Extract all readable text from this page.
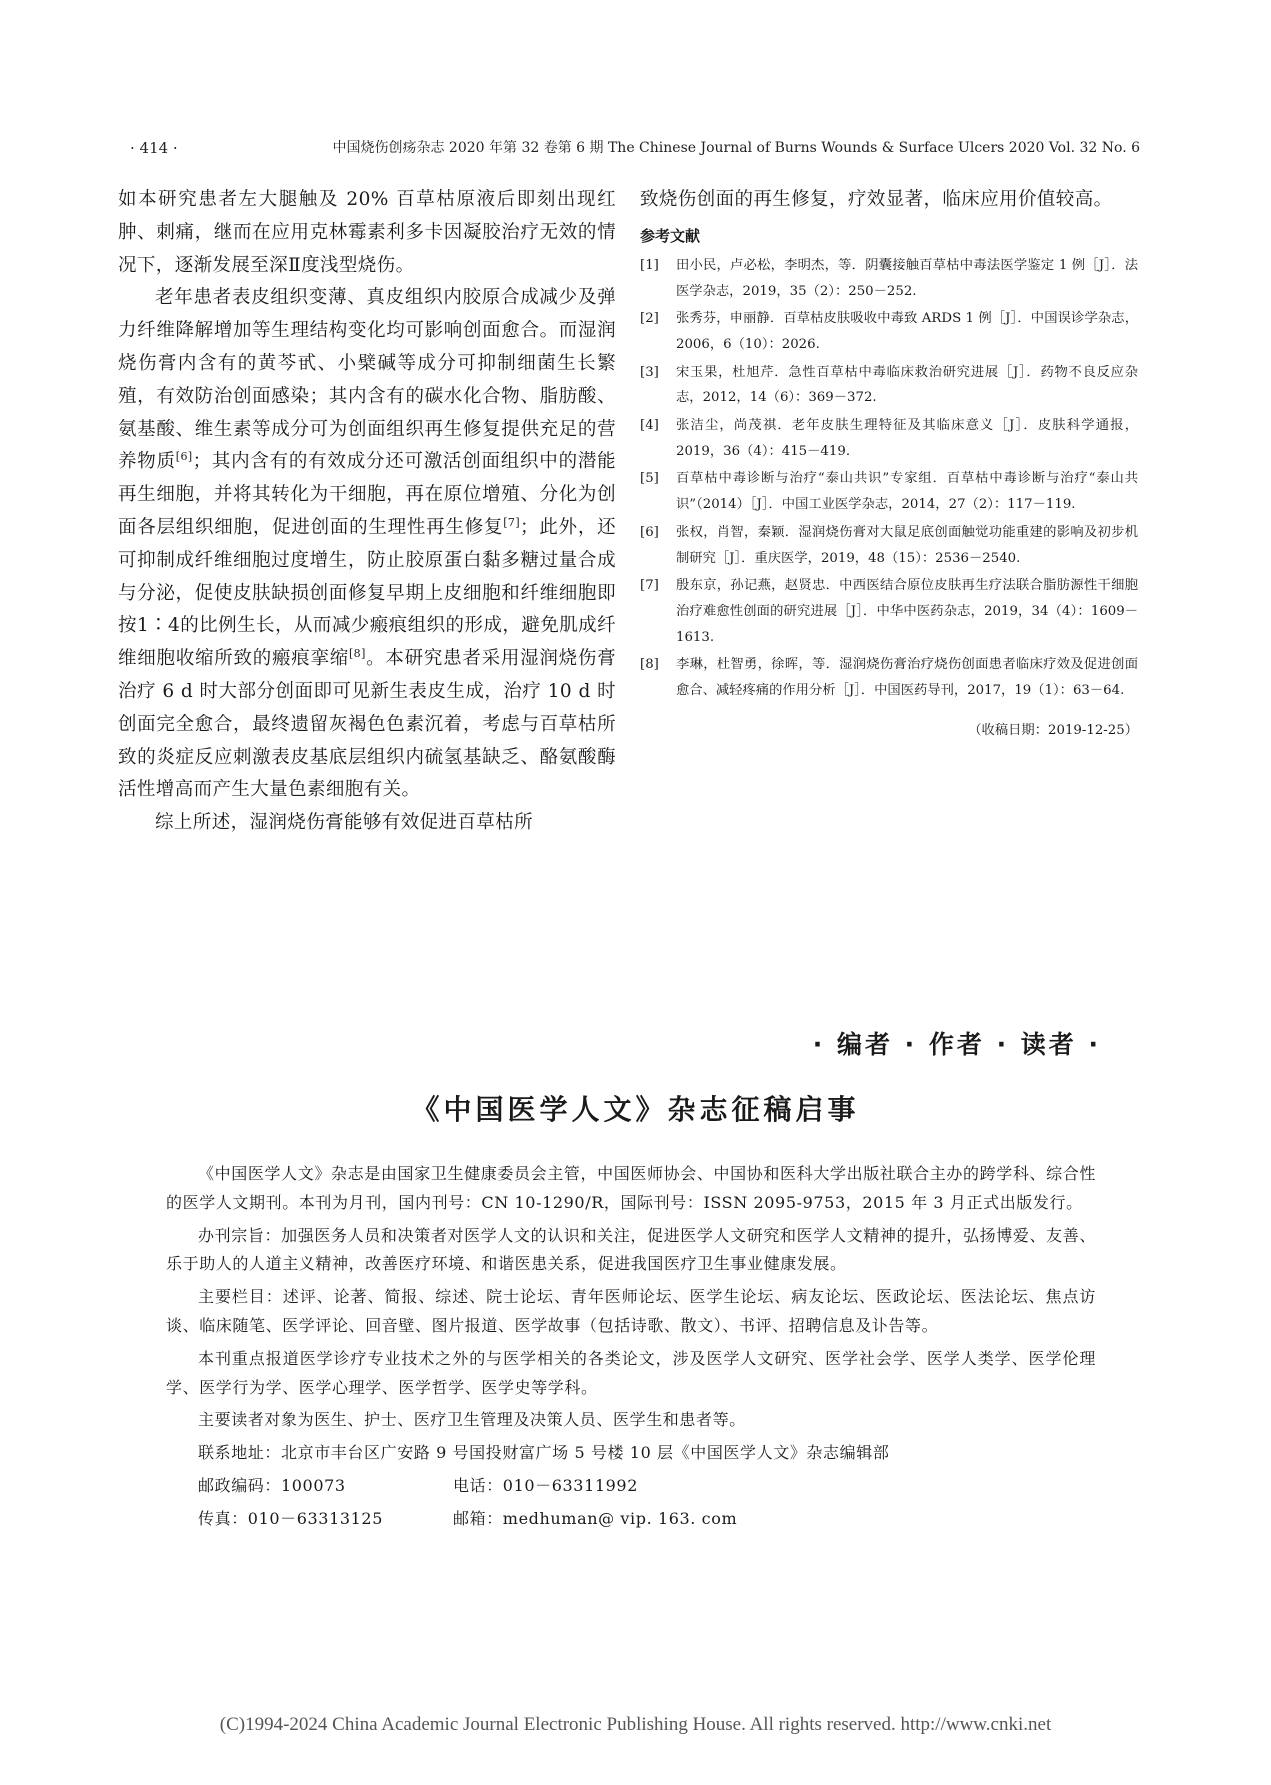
· 414 ·	中国烧伤创疡杂志 2020 年第 32 卷第 6 期 The Chinese Journal of Burns Wounds & Surface Ulcers 2020 Vol. 32 No. 6

如本研究患者左大腿触及 20% 百草枯原液后即刻出现红肿、刺痛，继而在应用克林霉素利多卡因凝胶治疗无效的情况下，逐渐发展至深Ⅱ度浅型烧伤。

老年患者表皮组织变薄、真皮组织内胶原合成减少及弹力纤维降解增加等生理结构变化均可影响创面愈合。而湿润烧伤膏内含有的黄芩甙、小檗碱等成分可抑制细菌生长繁殖，有效防治创面感染；其内含有的碳水化合物、脂肪酸、氨基酸、维生素等成分可为创面组织再生修复提供充足的营养物质[6]；其内含有的有效成分还可激活创面组织中的潜能再生细胞，并将其转化为干细胞，再在原位增殖、分化为创面各层组织细胞，促进创面的生理性再生修复[7]；此外，还可抑制成纤维细胞过度增生，防止胶原蛋白黏多糖过量合成与分泌，促使皮肤缺损创面修复早期上皮细胞和纤维细胞即按1∶4的比例生长，从而减少瘢痕组织的形成，避免肌成纤维细胞收缩所致的瘢痕挛缩[8]。本研究患者采用湿润烧伤膏治疗 6 d 时大部分创面即可见新生表皮生成，治疗 10 d 时创面完全愈合，最终遗留灰褐色色素沉着，考虑与百草枯所致的炎症反应刺激表皮基底层组织内硫氢基缺乏、酪氨酸酶活性增高而产生大量色素细胞有关。

综上所述，湿润烧伤膏能够有效促进百草枯所

致烧伤创面的再生修复，疗效显著，临床应用价值较高。

参考文献
[1]	田小民，卢必松，李明杰，等．阴囊接触百草枯中毒法医学鉴定 1 例［J］．法医学杂志，2019，35（2）：250－252.
[2]	张秀芬，申丽静．百草枯皮肤吸收中毒致 ARDS 1 例［J］．中国误诊学杂志，2006，6（10）：2026.
[3]	宋玉果，杜旭芹．急性百草枯中毒临床救治研究进展［J］．药物不良反应杂志，2012，14（6）：369－372.
[4]	张洁尘，尚茂祺．老年皮肤生理特征及其临床意义［J］．皮肤科学通报，2019，36（4）：415－419.
[5]	百草枯中毒诊断与治疗“泰山共识”专家组．百草枯中毒诊断与治疗“泰山共识”（2014）［J］．中国工业医学杂志，2014，27（2）：117－119.
[6]	张权，肖智，秦颖．湿润烧伤膏对大鼠足底创面触觉功能重建的影响及初步机制研究［J］．重庆医学，2019，48（15）：2536－2540.
[7]	殷东京，孙记燕，赵贤忠．中西医结合原位皮肤再生疗法联合脂肪源性干细胞治疗难愈性创面的研究进展［J］．中华中医药杂志，2019，34（4）：1609－1613.
[8]	李琳，杜智勇，徐晖，等．湿润烧伤膏治疗烧伤创面患者临床疗效及促进创面愈合、减轻疼痛的作用分析［J］．中国医药导刊，2017，19（1）：63－64.
（收稿日期：2019-12-25）
· 编者 · 作者 · 读者 ·
《中国医学人文》杂志征稿启事

《中国医学人文》杂志是由国家卫生健康委员会主管，中国医师协会、中国协和医科大学出版社联合主办的跨学科、综合性的医学人文期刊。本刊为月刊，国内刊号：CN 10-1290/R，国际刊号：ISSN 2095-9753，2015 年 3 月正式出版发行。

办刊宗旨：加强医务人员和决策者对医学人文的认识和关注，促进医学人文研究和医学人文精神的提升，弘扬博爱、友善、乐于助人的人道主义精神，改善医疗环境、和谐医患关系，促进我国医疗卫生事业健康发展。

主要栏目：述评、论著、简报、综述、院士论坛、青年医师论坛、医学生论坛、病友论坛、医政论坛、医法论坛、焦点访谈、临床随笔、医学评论、回音壁、图片报道、医学故事（包括诗歌、散文）、书评、招聘信息及讣告等。

本刊重点报道医学诊疗专业技术之外的与医学相关的各类论文，涉及医学人文研究、医学社会学、医学人类学、医学伦理学、医学行为学、医学心理学、医学哲学、医学史等学科。

主要读者对象为医生、护士、医疗卫生管理及决策人员、医学生和患者等。

联系地址：北京市丰台区广安路 9 号国投财富广场 5 号楼 10 层《中国医学人文》杂志编辑部

邮政编码：100073	电话：010－63311992
传真：010－63313125	邮箱：medhuman@ vip. 163. com
(C)1994-2024 China Academic Journal Electronic Publishing House. All rights reserved. http://www.cnki.net
